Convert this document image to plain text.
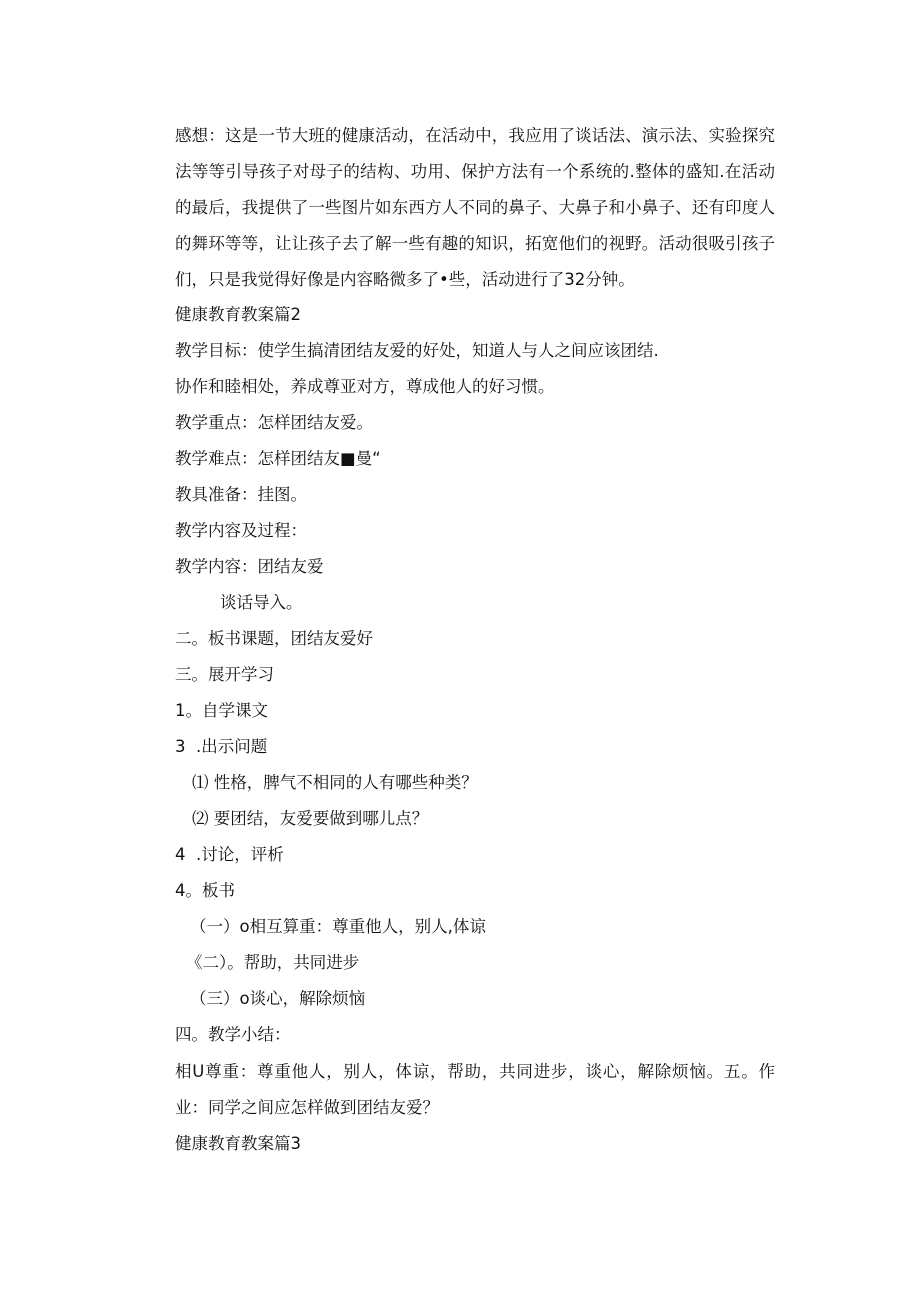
感想：这是一节大班的健康活动，在活动中，我应用了谈话法、演示法、实验探究法等等引导孩子对母子的结构、功用、保护方法有一个系统的.整体的盛知.在活动的最后，我提供了一些图片如东西方人不同的鼻子、大鼻子和小鼻子、还有印度人的舞环等等，让让孩子去了解一些有趣的知识，拓宽他们的视野。活动很吸引孩子们，只是我觉得好像是内容略微多了•些，活动进行了32分钟。

健康教育教案篇2

教学目标：使学生搞清团结友爱的好处，知道人与人之间应该团结.

协作和睦相处，养成尊亚对方，尊成他人的好习惯。

教学重点：怎样团结友爱。

教学难点：怎样团结友■曼“

教具准备：挂图。

教学内容及过程：

教学内容：团结友爱

谈话导入。

二。板书课题，团结友爱好

三。展开学习

1。自学课文

3  .出示问题

⑴ 性格，脾气不相同的人有哪些种类？

⑵ 要团结，友爱要做到哪儿点？

4  .讨论，评析

4。板书

（一）o相互算重：尊重他人，别人,体谅

《二）。帮助，共同进步

（三）o谈心，解除烦恼

四。教学小结：

相U尊重：尊重他人，别人，体谅，帮助，共同进步，谈心，解除烦恼。五。作业：同学之间应怎样做到团结友爱？

健康教育教案篇3
